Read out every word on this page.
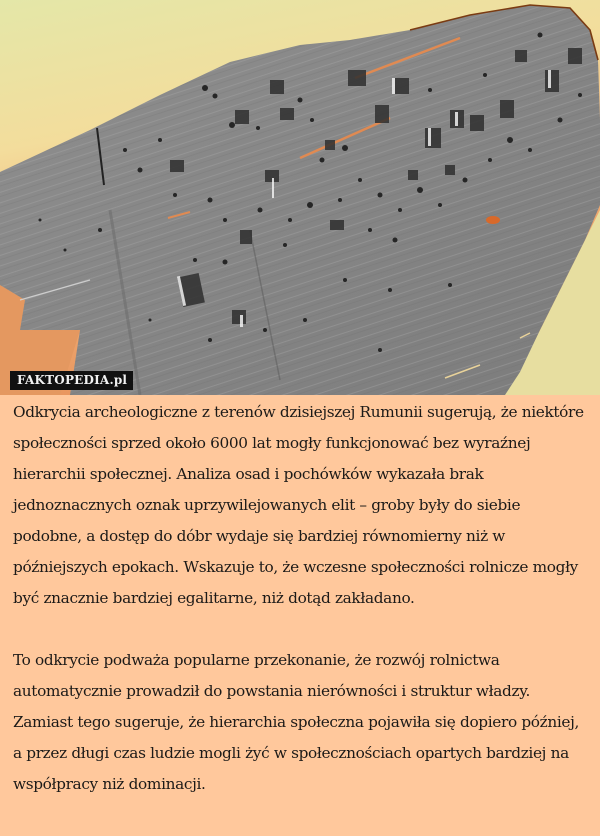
FAKTOPEDIA.pl

Odkrycia archeologiczne z terenów dzisiejszej Rumunii sugerują, że niektóre społeczności sprzed około 6000 lat mogły funkcjonować bez wyraźnej hierarchii społecznej. Analiza osad i pochówków wykazała brak jednoznacznych oznak uprzywilejowanych elit – groby były do siebie podobne, a dostęp do dóbr wydaje się bardziej równomierny niż w późniejszych epokach. Wskazuje to, że wczesne społeczności rolnicze mogły być znacznie bardziej egalitarne, niż dotąd zakładano.

To odkrycie podważa popularne przekonanie, że rozwój rolnictwa automatycznie prowadził do powstania nierówności i struktur władzy. Zamiast tego sugeruje, że hierarchia społeczna pojawiła się dopiero później, a przez długi czas ludzie mogli żyć w społecznościach opartych bardziej na współpracy niż dominacji.
